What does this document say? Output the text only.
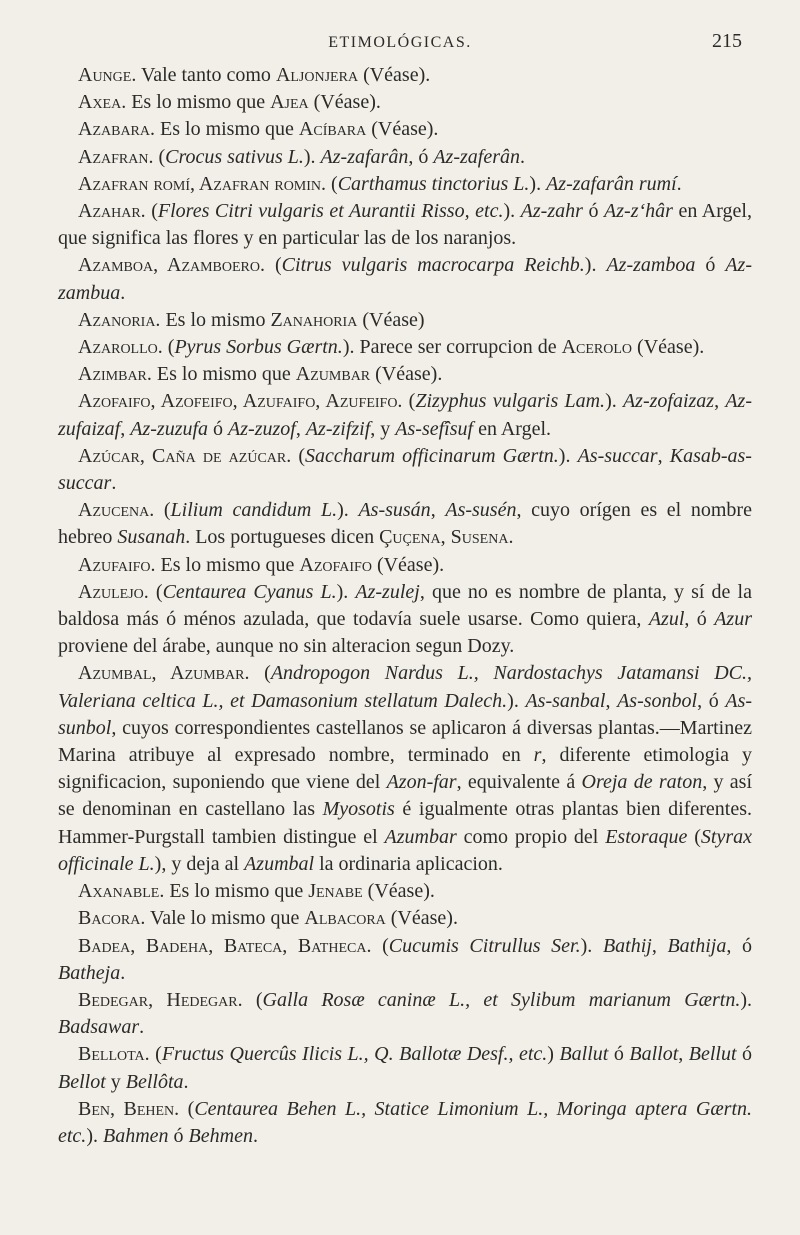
ETIMOLÓGICAS.	215

Aunge. Vale tanto como Aljonjera (Véase).

Axea. Es lo mismo que Ajea (Véase).

Azabara. Es lo mismo que Acíbara (Véase).

Azafran. (Crocus sativus L.). Az-zafarân, ó Az-zaferân.

Azafran romí, Azafran romin. (Carthamus tinctorius L.). Az-zafarân rumí.

Azahar. (Flores Citri vulgaris et Aurantii Risso, etc.). Az-zahr ó Az-z‘hâr en Argel, que significa las flores y en particular las de los naranjos.

Azamboa, Azamboero. (Citrus vulgaris macrocarpa Reichb.). Az-zamboa ó Az-zambua.

Azanoria. Es lo mismo Zanahoria (Véase)

Azarollo. (Pyrus Sorbus Gærtn.). Parece ser corrupcion de Acerolo (Véase).

Azimbar. Es lo mismo que Azumbar (Véase).

Azofaifo, Azofeifo, Azufaifo, Azufeifo. (Zizyphus vulgaris Lam.). Az-zofaizaz, Az-zufaizaf, Az-zuzufa ó Az-zuzof, Az-zifzif, y As-sefîsuf en Argel.

Azúcar, Caña de azúcar. (Saccharum officinarum Gærtn.). As-succar, Kasab-as-succar.

Azucena. (Lilium candidum L.). As-susán, As-susén, cuyo orígen es el nombre hebreo Susanah. Los portugueses dicen Çuçena, Susena.

Azufaifo. Es lo mismo que Azofaifo (Véase).

Azulejo. (Centaurea Cyanus L.). Az-zulej, que no es nombre de planta, y sí de la baldosa más ó ménos azulada, que todavía suele usarse. Como quiera, Azul, ó Azur proviene del árabe, aunque no sin alteracion segun Dozy.

Azumbal, Azumbar. (Andropogon Nardus L., Nardostachys Jatamansi DC., Valeriana celtica L., et Damasonium stellatum Dalech.). As-sanbal, As-sonbol, ó As-sunbol, cuyos correspondientes castellanos se aplicaron á diversas plantas.—Martinez Marina atribuye al expresado nombre, terminado en r, diferente etimologia y significacion, suponiendo que viene del Azon-far, equivalente á Oreja de raton, y así se denominan en castellano las Myosotis é igualmente otras plantas bien diferentes. Hammer-Purgstall tambien distingue el Azumbar como propio del Estoraque (Styrax officinale L.), y deja al Azumbal la ordinaria aplicacion.

Axanable. Es lo mismo que Jenabe (Véase).

Bacora. Vale lo mismo que Albacora (Véase).

Badea, Badeha, Bateca, Batheca. (Cucumis Citrullus Ser.). Bathij, Bathija, ó Batheja.

Bedegar, Hedegar. (Galla Rosæ caninæ L., et Sylibum marianum Gærtn.). Badsawar.

Bellota. (Fructus Quercûs Ilicis L., Q. Ballotæ Desf., etc.) Ballut ó Ballot, Bellut ó Bellot y Bellôta.

Ben, Behen. (Centaurea Behen L., Statice Limonium L., Moringa aptera Gærtn. etc.). Bahmen ó Behmen.
